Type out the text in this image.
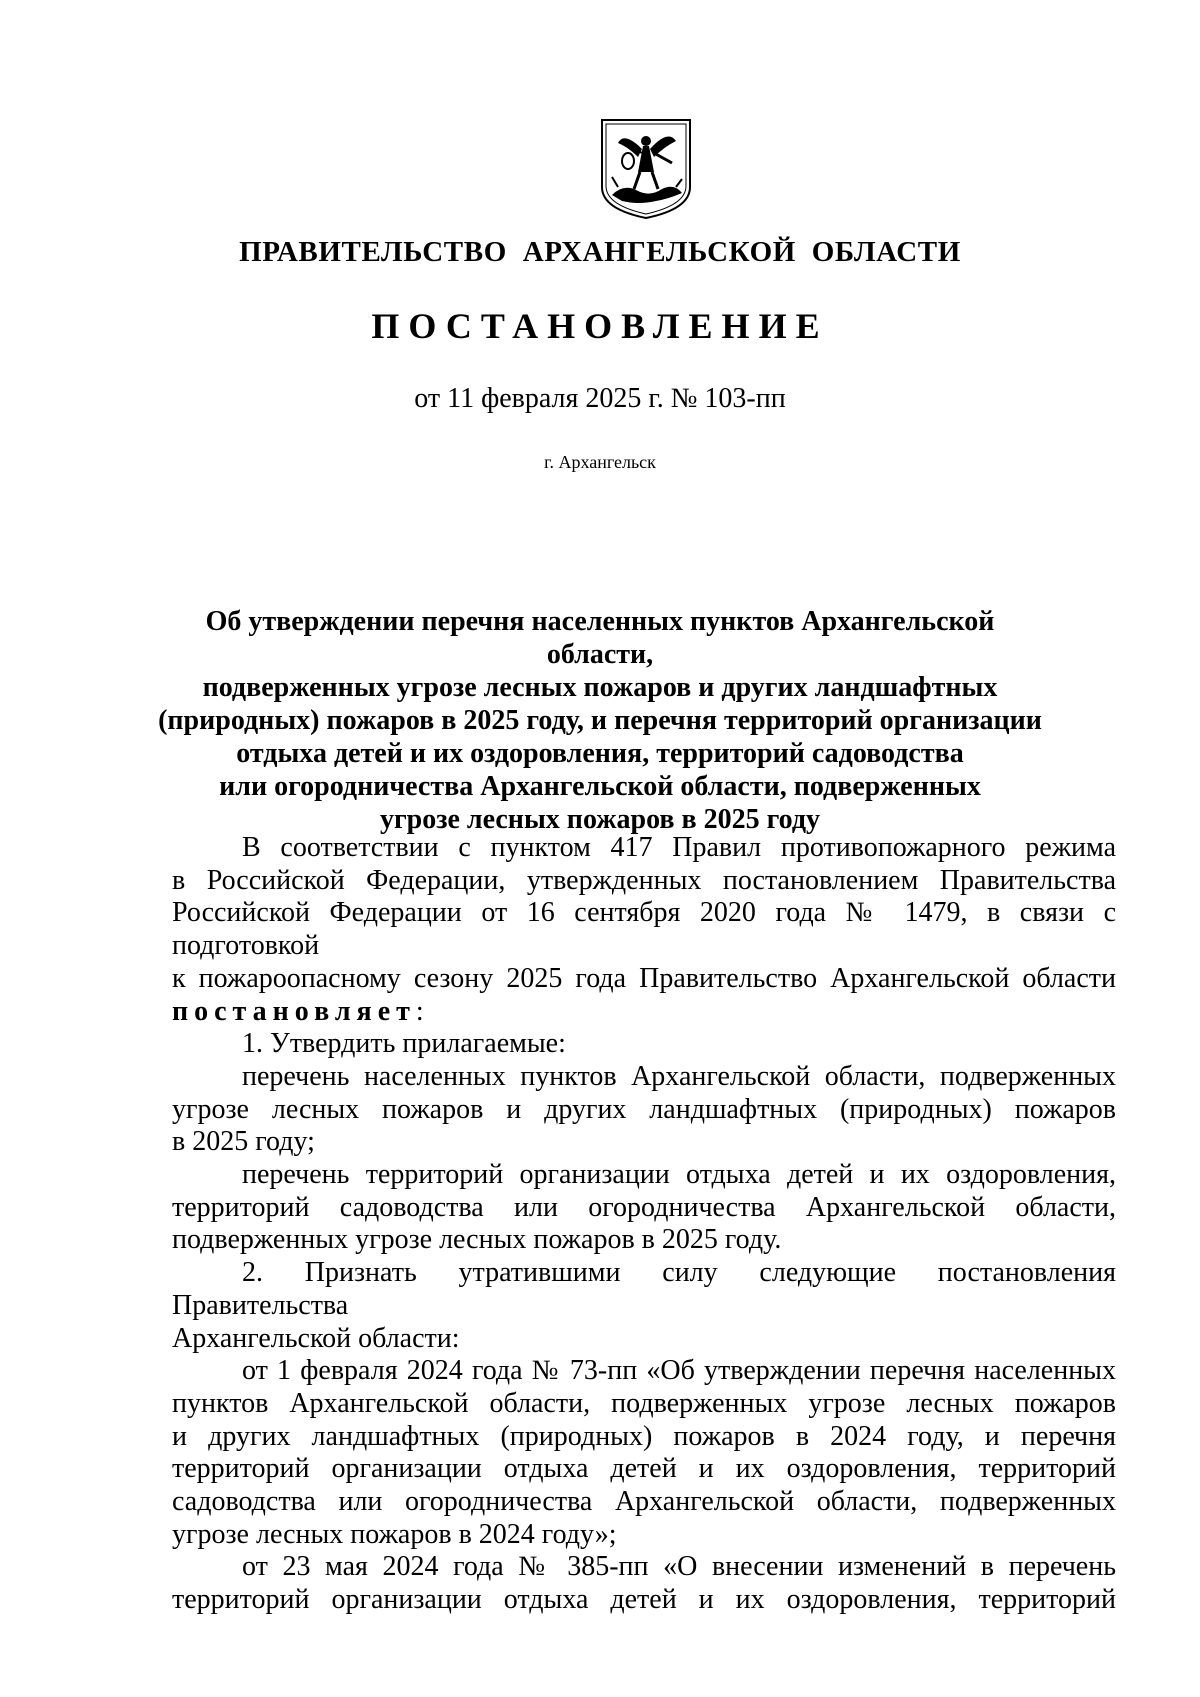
ПРАВИТЕЛЬСТВО АРХАНГЕЛЬСКОЙ ОБЛАСТИ
ПОСТАНОВЛЕНИЕ
от 11 февраля 2025 г. № 103-пп
г. Архангельск
Об утверждении перечня населенных пунктов Архангельской области,
подверженных угрозе лесных пожаров и других ландшафтных
(природных) пожаров в 2025 году, и перечня территорий организации
отдыха детей и их оздоровления, территорий садоводства
или огородничества Архангельской области, подверженных
угрозе лесных пожаров в 2025 году

В соответствии с пунктом 417 Правил противопожарного режима

в Российской Федерации, утвержденных постановлением Правительства

Российской Федерации от 16 сентября 2020 года № 1479, в связи с подготовкой

к пожароопасному сезону 2025 года Правительство Архангельской области

постановляет:

1. Утвердить прилагаемые:

перечень населенных пунктов Архангельской области, подверженных

угрозе лесных пожаров и других ландшафтных (природных) пожаров

в 2025 году;

перечень территорий организации отдыха детей и их оздоровления,

территорий садоводства или огородничества Архангельской области,

подверженных угрозе лесных пожаров в 2025 году.

2. Признать утратившими силу следующие постановления Правительства

Архангельской области:

от 1 февраля 2024 года № 73-пп «Об утверждении перечня населенных

пунктов Архангельской области, подверженных угрозе лесных пожаров

и других ландшафтных (природных) пожаров в 2024 году, и перечня

территорий организации отдыха детей и их оздоровления, территорий

садоводства или огородничества Архангельской области, подверженных

угрозе лесных пожаров в 2024 году»;

от 23 мая 2024 года № 385-пп «О внесении изменений в перечень

территорий организации отдыха детей и их оздоровления, территорий
